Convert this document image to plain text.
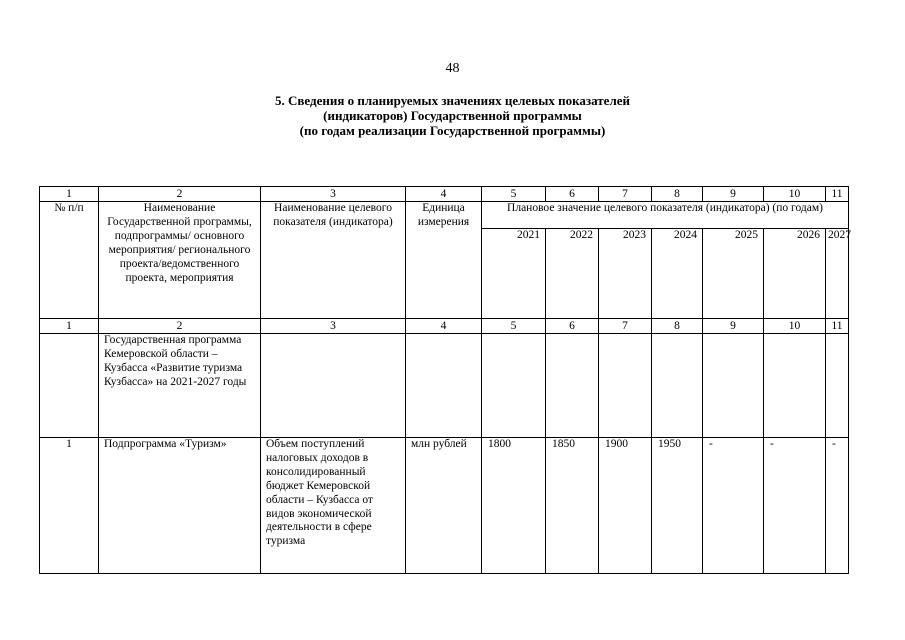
48
5. Сведения о планируемых значениях целевых показателей
(индикаторов) Государственной программы
(по годам реализации Государственной программы)
1	2	3	4	5	6	7	8	9	10	11
№ п/п	Наименование Государственной программы, подпрограммы/ основного мероприятия/ регионального проекта/ведомственного проекта, мероприятия	Наименование целевого показателя (индикатора)	Единица измерения	Плановое значение целевого показателя (индикатора) (по годам)						
				2021	2022	2023	2024	2025	2026	2027
1	2	3	4	5	6	7	8	9	10	11
	Государственная программа Кемеровской области – Кузбасса «Развитие туризма Кузбасса» на 2021-2027 годы									
1	Подпрограмма «Туризм»	Объем поступлений налоговых доходов в консолидированный бюджет Кемеровской области – Кузбасса от видов экономической деятельности в сфере туризма	млн рублей	1800	1850	1900	1950	-	-	-
